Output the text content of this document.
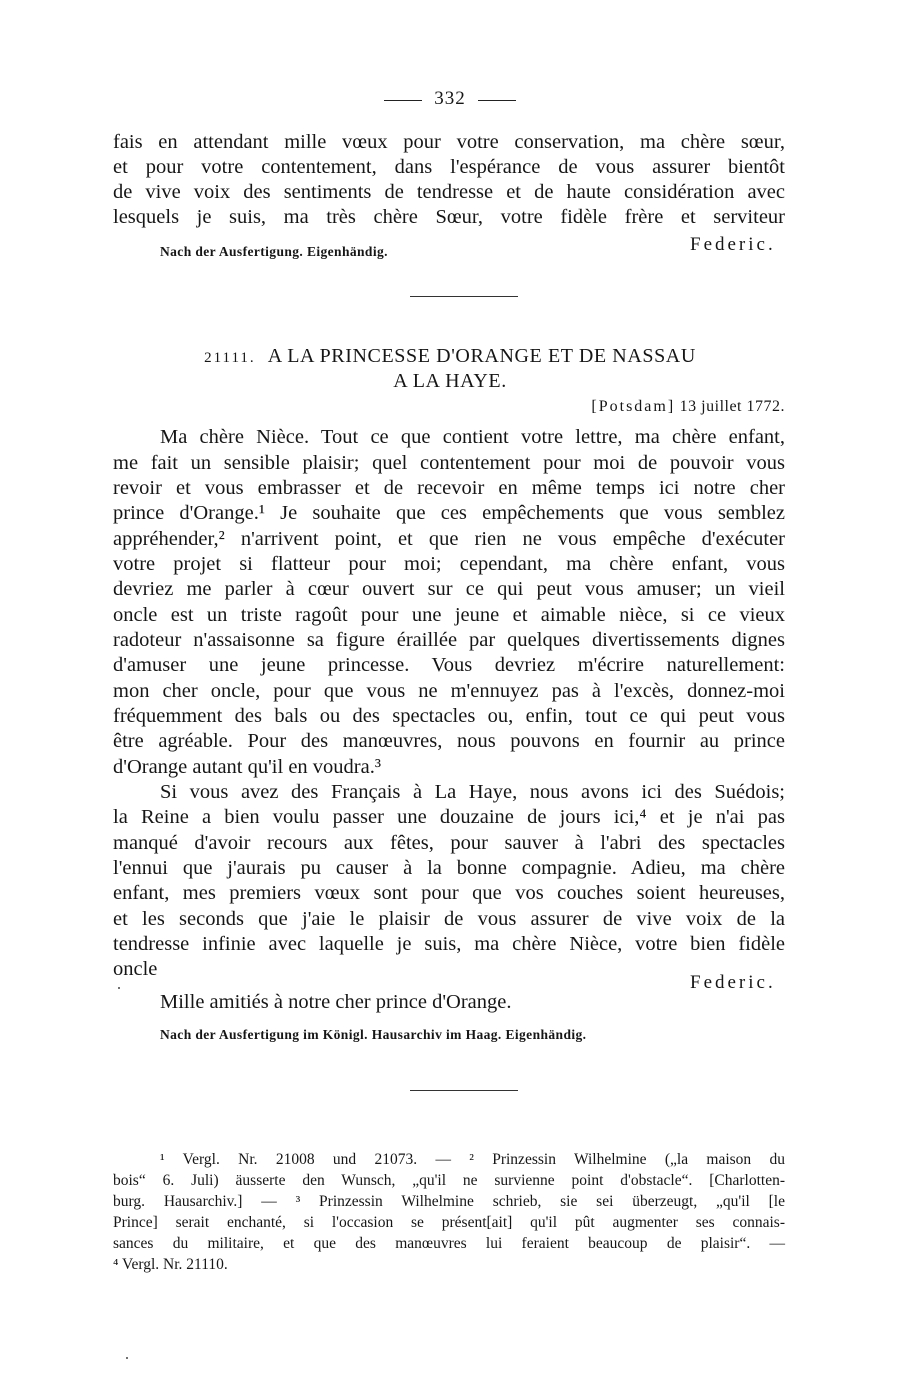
332
fais en attendant mille vœux pour votre conservation, ma chère sœur,
et pour votre contentement, dans l'espérance de vous assurer bientôt
de vive voix des sentiments de tendresse et de haute considération avec
lesquels je suis, ma très chère Sœur, votre fidèle frère et serviteur
Nach der Ausfertigung. Eigenhändig.	Federic.
21111. A LA PRINCESSE D'ORANGE ET DE NASSAU
A LA HAYE.
[Potsdam] 13 juillet 1772.
Ma chère Nièce. Tout ce que contient votre lettre, ma chère enfant,
me fait un sensible plaisir; quel contentement pour moi de pouvoir vous
revoir et vous embrasser et de recevoir en même temps ici notre cher
prince d'Orange.¹ Je souhaite que ces empêchements que vous semblez
appréhender,² n'arrivent point, et que rien ne vous empêche d'exécuter
votre projet si flatteur pour moi; cependant, ma chère enfant, vous
devriez me parler à cœur ouvert sur ce qui peut vous amuser; un vieil
oncle est un triste ragoût pour une jeune et aimable nièce, si ce vieux
radoteur n'assaisonne sa figure éraillée par quelques divertissements dignes
d'amuser une jeune princesse. Vous devriez m'écrire naturellement:
mon cher oncle, pour que vous ne m'ennuyez pas à l'excès, donnez-moi
fréquemment des bals ou des spectacles ou, enfin, tout ce qui peut vous
être agréable. Pour des manœuvres, nous pouvons en fournir au prince
d'Orange autant qu'il en voudra.³
Si vous avez des Français à La Haye, nous avons ici des Suédois;
la Reine a bien voulu passer une douzaine de jours ici,⁴ et je n'ai pas
manqué d'avoir recours aux fêtes, pour sauver à l'abri des spectacles
l'ennui que j'aurais pu causer à la bonne compagnie. Adieu, ma chère
enfant, mes premiers vœux sont pour que vos couches soient heureuses,
et les seconds que j'aie le plaisir de vous assurer de vive voix de la
tendresse infinie avec laquelle je suis, ma chère Nièce, votre bien fidèle
oncle
Federic.
Mille amitiés à notre cher prince d'Orange.
Nach der Ausfertigung im Königl. Hausarchiv im Haag. Eigenhändig.
¹ Vergl. Nr. 21008 und 21073. — ² Prinzessin Wilhelmine („la maison du
bois“ 6. Juli) äusserte den Wunsch, „qu'il ne survienne point d'obstacle“. [Charlotten-
burg. Hausarchiv.] — ³ Prinzessin Wilhelmine schrieb, sie sei überzeugt, „qu'il [le
Prince] serait enchanté, si l'occasion se présent[ait] qu'il pût augmenter ses connais-
sances du militaire, et que des manœuvres lui feraient beaucoup de plaisir“. —
⁴ Vergl. Nr. 21110.
